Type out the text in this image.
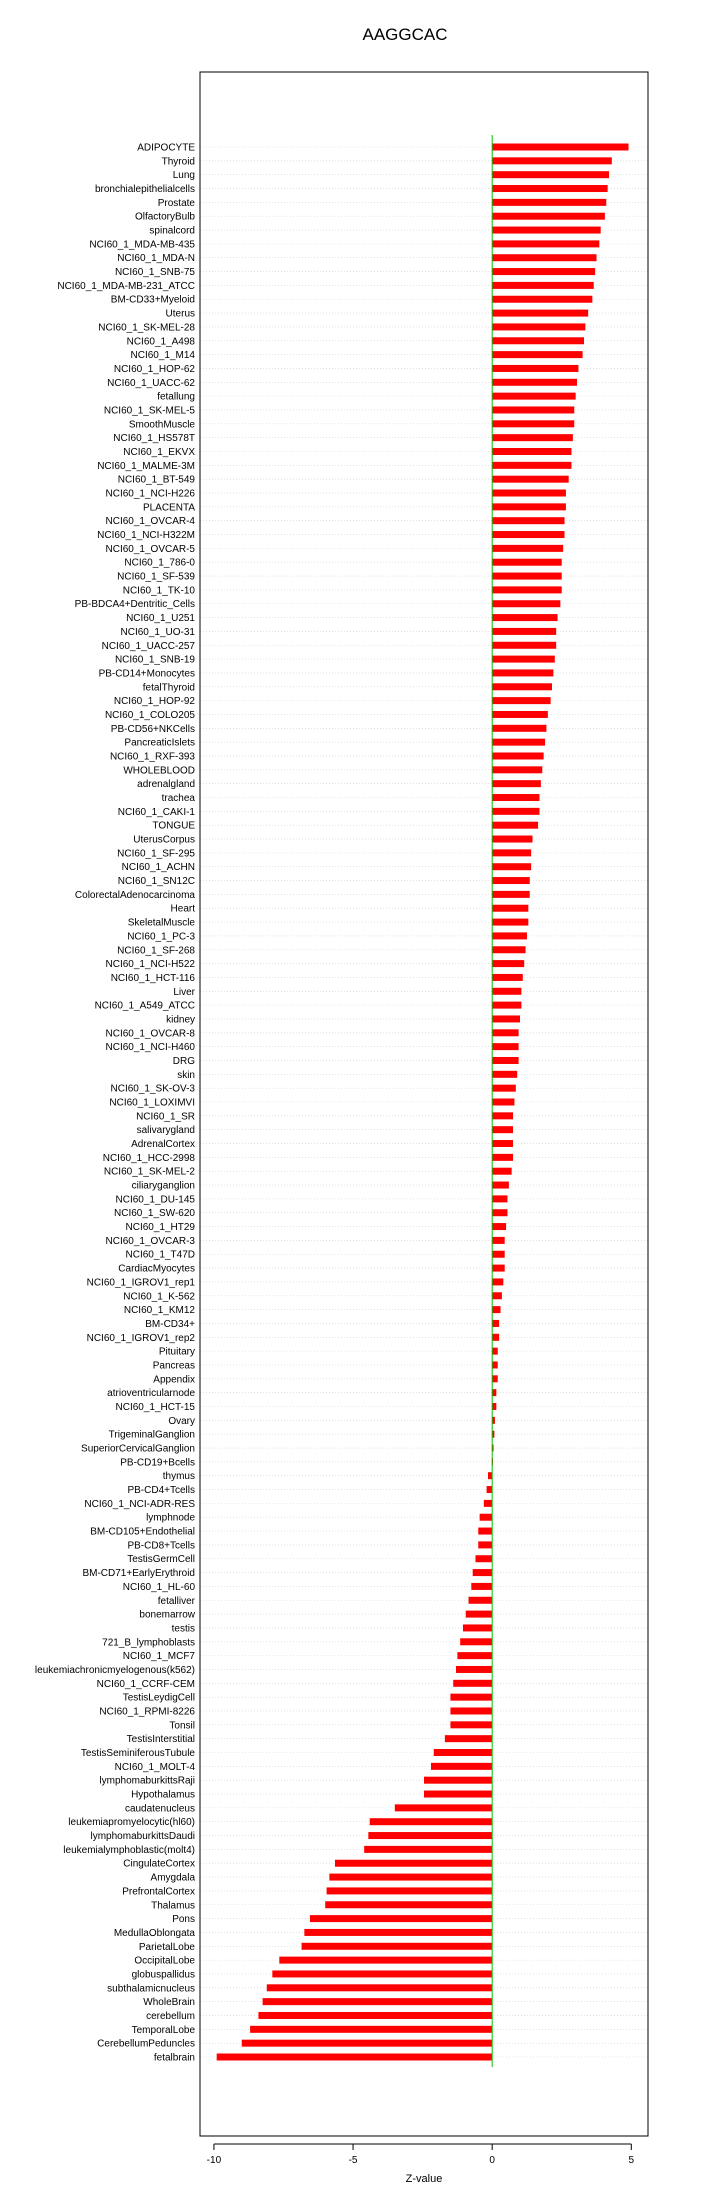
AAGGCAC
ADIPOCYTE
Thyroid
Lung
bronchialepithelialcells
Prostate
OlfactoryBulb
spinalcord
NCI60_1_MDA-MB-435
NCI60_1_MDA-N
NCI60_1_SNB-75
NCI60_1_MDA-MB-231_ATCC
BM-CD33+Myeloid
Uterus
NCI60_1_SK-MEL-28
NCI60_1_A498
NCI60_1_M14
NCI60_1_HOP-62
NCI60_1_UACC-62
fetallung
NCI60_1_SK-MEL-5
SmoothMuscle
NCI60_1_HS578T
NCI60_1_EKVX
NCI60_1_MALME-3M
NCI60_1_BT-549
NCI60_1_NCI-H226
PLACENTA
NCI60_1_OVCAR-4
NCI60_1_NCI-H322M
NCI60_1_OVCAR-5
NCI60_1_786-0
NCI60_1_SF-539
NCI60_1_TK-10
PB-BDCA4+Dentritic_Cells
NCI60_1_U251
NCI60_1_UO-31
NCI60_1_UACC-257
NCI60_1_SNB-19
PB-CD14+Monocytes
fetalThyroid
NCI60_1_HOP-92
NCI60_1_COLO205
PB-CD56+NKCells
PancreaticIslets
NCI60_1_RXF-393
WHOLEBLOOD
adrenalgland
trachea
NCI60_1_CAKI-1
TONGUE
UterusCorpus
NCI60_1_SF-295
NCI60_1_ACHN
NCI60_1_SN12C
ColorectalAdenocarcinoma
Heart
SkeletalMuscle
NCI60_1_PC-3
NCI60_1_SF-268
NCI60_1_NCI-H522
NCI60_1_HCT-116
Liver
NCI60_1_A549_ATCC
kidney
NCI60_1_OVCAR-8
NCI60_1_NCI-H460
DRG
skin
NCI60_1_SK-OV-3
NCI60_1_LOXIMVI
NCI60_1_SR
salivarygland
AdrenalCortex
NCI60_1_HCC-2998
NCI60_1_SK-MEL-2
ciliaryganglion
NCI60_1_DU-145
NCI60_1_SW-620
NCI60_1_HT29
NCI60_1_OVCAR-3
NCI60_1_T47D
CardiacMyocytes
NCI60_1_IGROV1_rep1
NCI60_1_K-562
NCI60_1_KM12
BM-CD34+
NCI60_1_IGROV1_rep2
Pituitary
Pancreas
Appendix
atrioventricularnode
NCI60_1_HCT-15
Ovary
TrigeminalGanglion
SuperiorCervicalGanglion
PB-CD19+Bcells
thymus
PB-CD4+Tcells
NCI60_1_NCI-ADR-RES
lymphnode
BM-CD105+Endothelial
PB-CD8+Tcells
TestisGermCell
BM-CD71+EarlyErythroid
NCI60_1_HL-60
fetalliver
bonemarrow
testis
721_B_lymphoblasts
NCI60_1_MCF7
leukemiachronicmyelogenous(k562)
NCI60_1_CCRF-CEM
TestisLeydigCell
NCI60_1_RPMI-8226
Tonsil
TestisInterstitial
TestisSeminiferousTubule
NCI60_1_MOLT-4
lymphomaburkittsRaji
Hypothalamus
caudatenucleus
leukemiapromyelocytic(hl60)
lymphomaburkittsDaudi
leukemialymphoblastic(molt4)
CingulateCortex
Amygdala
PrefrontalCortex
Thalamus
Pons
MedullaOblongata
ParietalLobe
OccipitalLobe
globuspallidus
subthalamicnucleus
WholeBrain
cerebellum
TemporalLobe
CerebellumPeduncles
fetalbrain
-10	-5	0	5
Z-value
